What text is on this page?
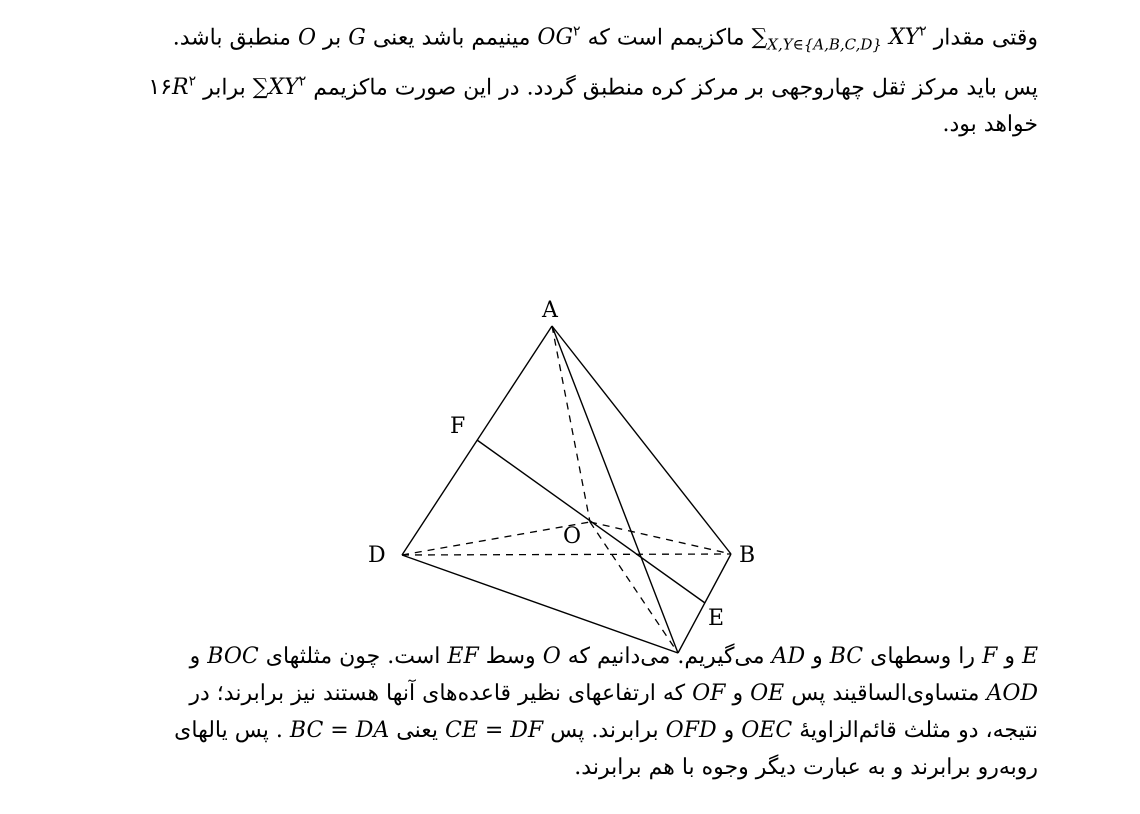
وقتی مقدار $XY^۲$ $\sum_{X,Y\in\{A,B,C,D\}}$ ماکزیمم است که $OG^۲$ مینیمم باشد یعنی G بر O منطبق باشد.
پس باید مرکز ثقل چهاروجهی بر مرکز کره منطبق گردد. در این صورت ماکزیمم $\sum XY^۲$ برابر $۱۶R^۲$
خواهد بود.
A
F
O
D	B
E
E و F را وسطهای BC و AD می‌گیریم. می‌دانیم که O وسط EF است. چون مثلثهای BOC و
AOD متساوی‌الساقیند پس OE و OF که ارتفاعهای نظیر قاعده‌های آنها هستند نیز برابرند؛ در
نتیجه، دو مثلث قائم‌الزاویهٔ OEC و OFD برابرند. پس CE = DF یعنی BC = DA . پس یالهای
روبه‌رو برابرند و به عبارت دیگر وجوه با هم برابرند.
